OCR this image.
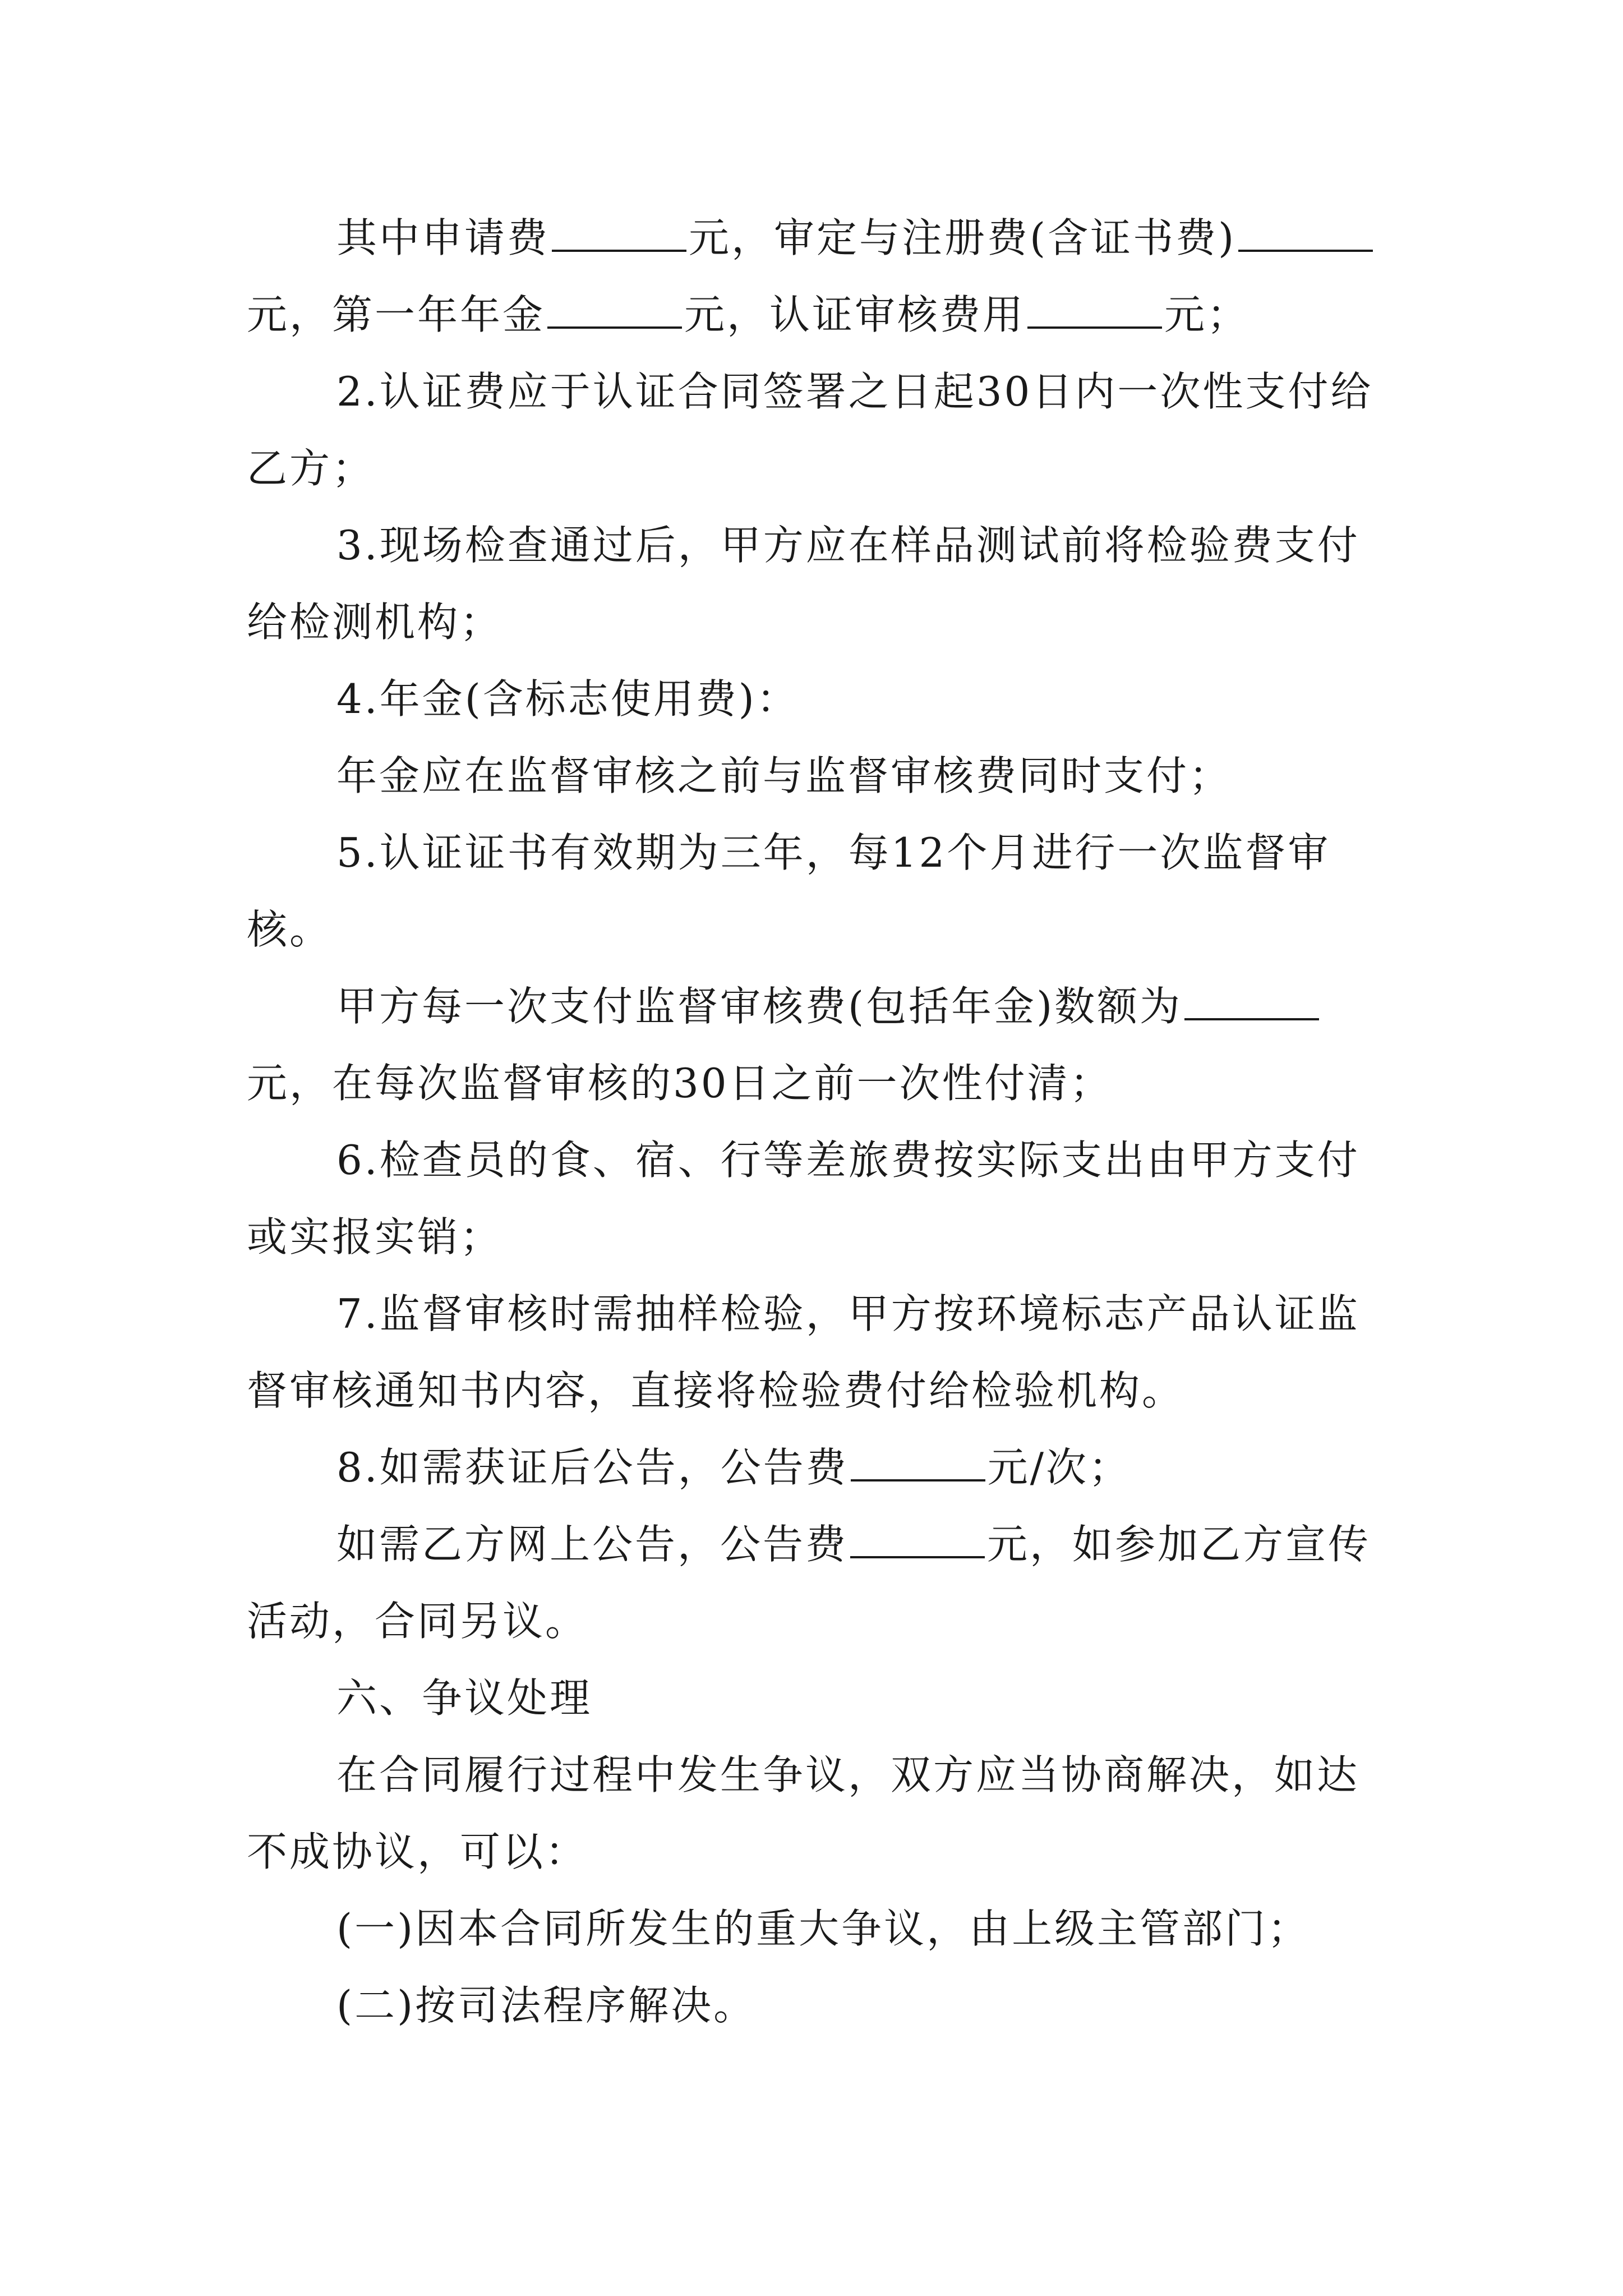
其中申请费	元，审定与注册费(含证书费)元，第一年年金	元，认证审核费用	元；

2.认证费应于认证合同签署之日起30日内一次性支付给乙方；

3.现场检查通过后，甲方应在样品测试前将检验费支付给检测机构；

4.年金(含标志使用费)：

年金应在监督审核之前与监督审核费同时支付；

5.认证证书有效期为三年，每12个月进行一次监督审核。

甲方每一次支付监督审核费(包括年金)数额为元，在每次监督审核的30日之前一次性付清；

6.检查员的食、宿、行等差旅费按实际支出由甲方支付或实报实销；

7.监督审核时需抽样检验，甲方按环境标志产品认证监督审核通知书内容，直接将检验费付给检验机构。

8.如需获证后公告，公告费	元/次；

如需乙方网上公告，公告费	元，如参加乙方宣传活动，合同另议。

六、争议处理

在合同履行过程中发生争议，双方应当协商解决，如达不成协议，可以：

(一)因本合同所发生的重大争议，由上级主管部门；

(二)按司法程序解决。
